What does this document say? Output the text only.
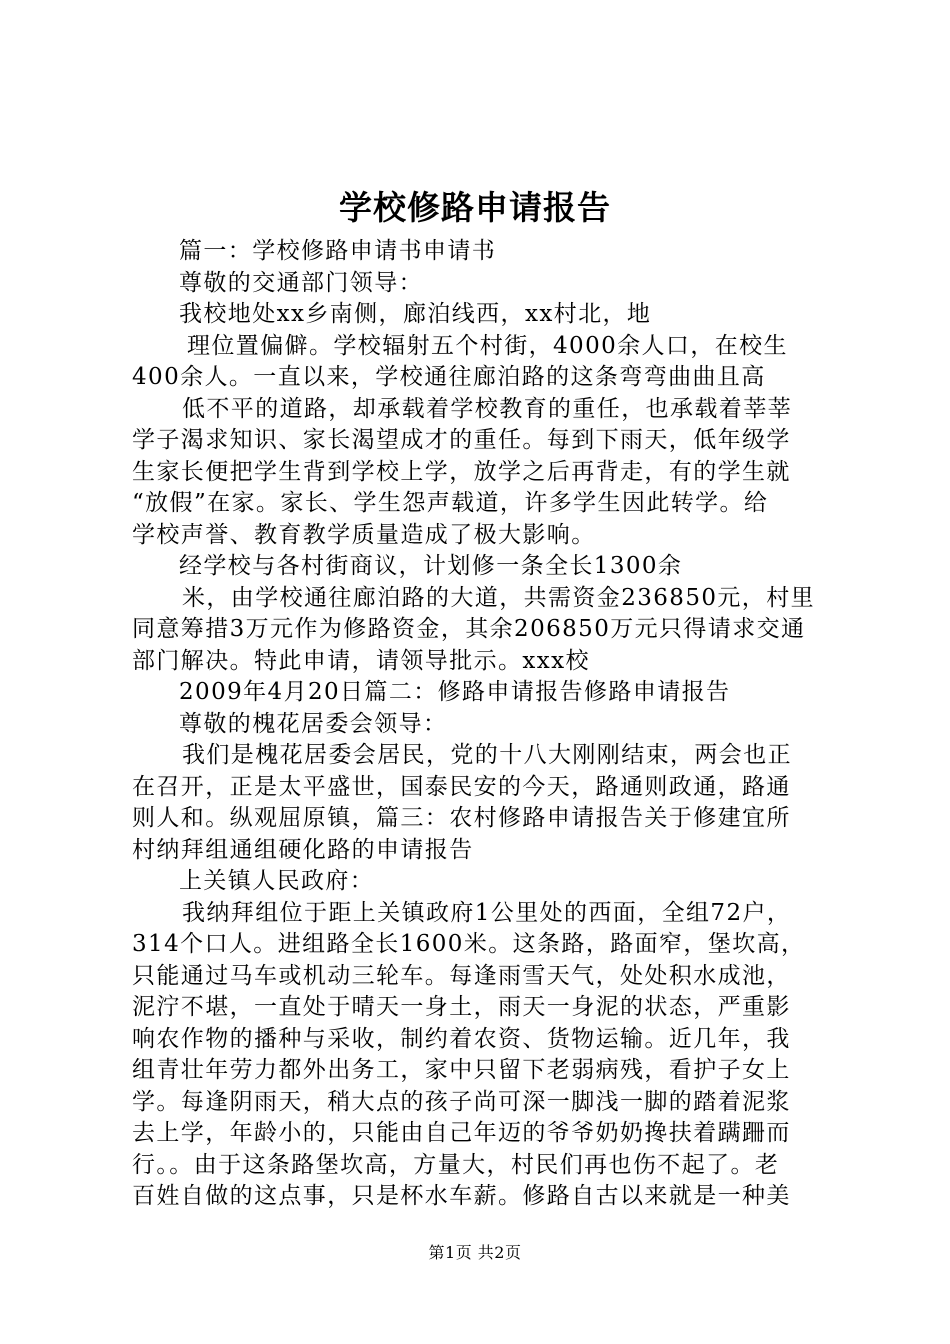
学校修路申请报告
篇一：学校修路申请书申请书
尊敬的交通部门领导：
我校地处xx乡南侧，廊泊线西，xx村北，地
理位置偏僻。学校辐射五个村街，4000余人口，在校生
400余人。一直以来，学校通往廊泊路的这条弯弯曲曲且高
低不平的道路，却承载着学校教育的重任，也承载着莘莘
学子渴求知识、家长渴望成才的重任。每到下雨天，低年级学
生家长便把学生背到学校上学，放学之后再背走，有的学生就
“放假”在家。家长、学生怨声载道，许多学生因此转学。给
学校声誉、教育教学质量造成了极大影响。
经学校与各村街商议，计划修一条全长1300余
米，由学校通往廊泊路的大道，共需资金236850元，村里
同意筹措3万元作为修路资金，其余206850万元只得请求交通
部门解决。特此申请，请领导批示。xxx校
2009年4月20日篇二：修路申请报告修路申请报告
尊敬的槐花居委会领导：
我们是槐花居委会居民，党的十八大刚刚结束，两会也正
在召开，正是太平盛世，国泰民安的今天，路通则政通，路通
则人和。纵观屈原镇，篇三：农村修路申请报告关于修建宜所
村纳拜组通组硬化路的申请报告
上关镇人民政府：
我纳拜组位于距上关镇政府1公里处的西面，全组72户，
314个口人。进组路全长1600米。这条路，路面窄，堡坎高，
只能通过马车或机动三轮车。每逢雨雪天气，处处积水成池，
泥泞不堪，一直处于晴天一身土，雨天一身泥的状态，严重影
响农作物的播种与采收，制约着农资、货物运输。近几年，我
组青壮年劳力都外出务工，家中只留下老弱病残，看护子女上
学。每逢阴雨天，稍大点的孩子尚可深一脚浅一脚的踏着泥浆
去上学，年龄小的，只能由自己年迈的爷爷奶奶搀扶着蹒跚而
行。。由于这条路堡坎高，方量大，村民们再也伤不起了。老
百姓自做的这点事，只是杯水车薪。修路自古以来就是一种美
第1页 共2页
